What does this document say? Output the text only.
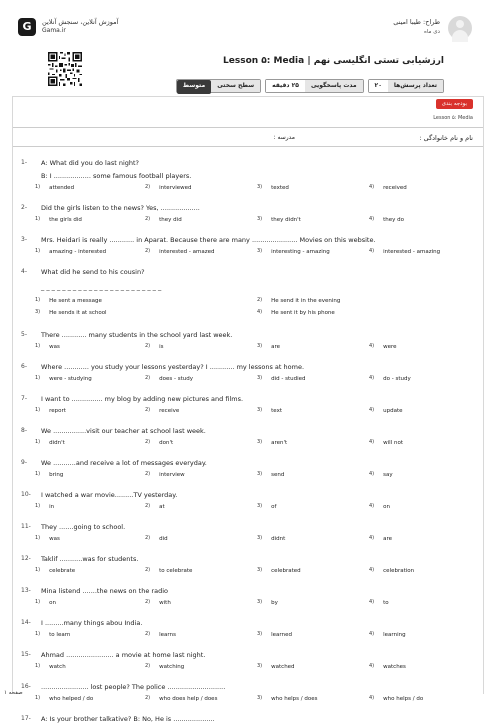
G	آموزش آنلاین، سنجش آنلاین
Gama.ir
طراح: طیبا امینی
دی ماه
ارزشیابی تستی انگلیسی نهم | Lesson ۵: Media
تعداد پرسش‌ها
۲۰
مدت پاسخگویی
۲۵ دقیقه
سطح سختی
متوسط
بودجه بندی
Lesson ۵: Media
نام و نام خانوادگی :
مدرسه :
1- A: What did you do last night?
B: I .................. some famous football players.
1) attended	2) interviewed	3) texted	4) received
2- Did the girls listen to the news? Yes, ...................
1) the girls did	2) they did	3) they didn't	4) they do
3- Mrs. Heidari is really ............ in Aparat. Because there are many ...................... Movies on this website.
1) amazing - interested	2) interested - amazed	3) interesting - amazing	4) interested - amazing
4- What did he send to his cousin?
_ _ _ _ _ _ _ _ _ _ _ _ _ _ _ _ _ _ _ _ _ _ _
1) He sent a message	2) He send it in the evening
3) He sends it at school	4) He sent it by his phone
5- There ............ many students in the school yard last week.
1) was	2) is	3) are	4) were
6- Where ............ you study your lessons yesterday? I ............ my lessons at home.
1) were - studying	2) does - study	3) did - studied	4) do - study
7- I want to ............... my blog by adding new pictures and films.
1) report	2) receive	3) text	4) update
8- We ................visit our teacher at school last week.
1) didn't	2) don't	3) aren't	4) will not
9- We ...........and receive a lot of messages everyday.
1) bring	2) interview	3) send	4) say
10- I watched a war movie.........TV yesterday.
1) in	2) at	3) of	4) on
11- They .......going to school.
1) was	2) did	3) didnt	4) are
12- Taklif ...........was for students.
1) celebrate	2) to celebrate	3) celebrated	4) celebration
13- Mina listend .......the news on the radio
1) on	2) with	3) by	4) to
14- I .........many things abou India.
1) to learn	2) learns	3) learned	4) learning
15- Ahmad ....................... a movie at home last night.
1) watch	2) watching	3) watched	4) watches
16- ....................... lost people? The police ............................
1) who helped / do	2) who does help / does	3) who helps / does	4) who helps / do
17- A: Is your brother talkative? B: No, He is ....................
صفحه ۱
